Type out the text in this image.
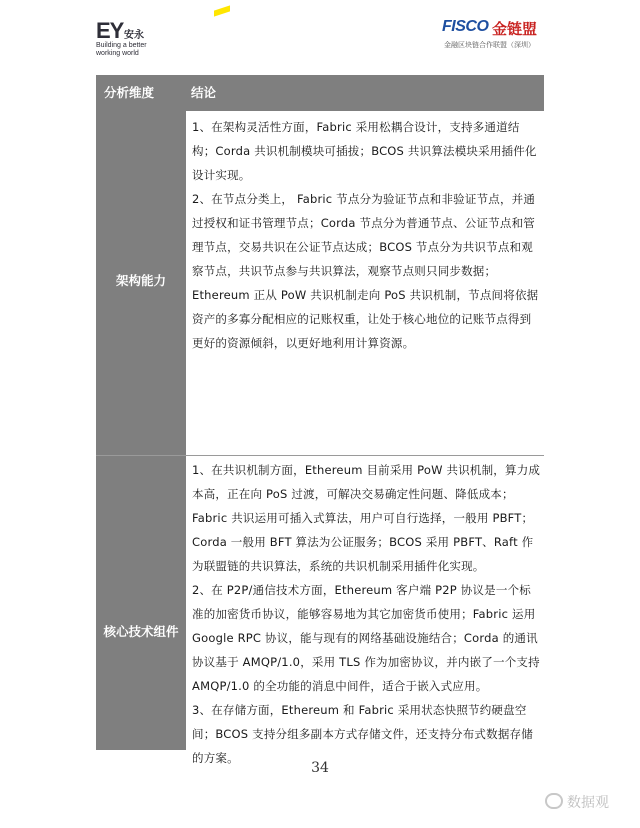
EY 安永
Building a better working world
FISCO 金链盟
金融区块链合作联盟（深圳）
分析维度	结论
架构能力

1、在架构灵活性方面，Fabric 采用松耦合设计，支持多通道结构；Corda 共识机制模块可插拔；BCOS 共识算法模块采用插件化设计实现。

2、在节点分类上， Fabric 节点分为验证节点和非验证节点，并通过授权和证书管理节点；Corda 节点分为普通节点、公证节点和管理节点，交易共识在公证节点达成；BCOS 节点分为共识节点和观察节点，共识节点参与共识算法，观察节点则只同步数据；Ethereum 正从 PoW 共识机制走向 PoS 共识机制，节点间将依据资产的多寡分配相应的记账权重，让处于核心地位的记账节点得到更好的资源倾斜，以更好地利用计算资源。

核心技术组件

1、在共识机制方面，Ethereum 目前采用 PoW 共识机制，算力成本高，正在向 PoS 过渡，可解决交易确定性问题、降低成本；Fabric 共识运用可插入式算法，用户可自行选择，一般用 PBFT；Corda 一般用 BFT 算法为公证服务；BCOS 采用 PBFT、Raft 作为联盟链的共识算法，系统的共识机制采用插件化实现。

2、在 P2P/通信技术方面，Ethereum 客户端 P2P 协议是一个标准的加密货币协议，能够容易地为其它加密货币使用；Fabric 运用 Google RPC 协议，能与现有的网络基础设施结合；Corda 的通讯协议基于 AMQP/1.0，采用 TLS 作为加密协议，并内嵌了一个支持 AMQP/1.0 的全功能的消息中间件，适合于嵌入式应用。

3、在存储方面，Ethereum 和 Fabric 采用状态快照节约硬盘空间；BCOS 支持分组多副本方式存储文件，还支持分布式数据存储的方案。

34
数据观
